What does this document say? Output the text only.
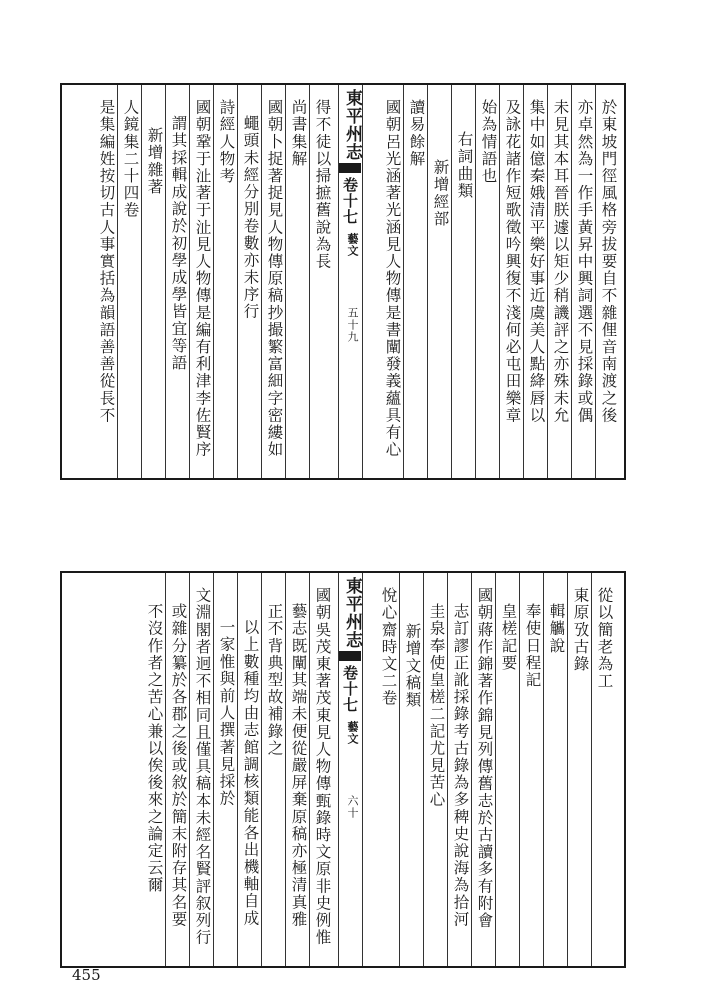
東平州志
卷十七
藝文
五十九	於東坡門徑風格旁拔要自不雜俚音南渡之後
亦卓然為一作手黃昇中興詞選不見採錄或偶
未見其本耳晉朕遽以矩少稍譏評之亦殊未允
集中如億秦娥清平樂好事近虞美人點絳唇以
及詠花諸作短歌徵吟興復不淺何必屯田樂章
始為情語也
右詞曲類
新增經部
讀易餘解
國朝呂光涵著光涵見人物傳是書闡發義蘊具有心
得不徒以掃摭舊說為長
尚書集解
國朝卜捉著捉見人物傳原稿抄撮繁富細字密縷如
蠅頭未經分別卷數亦未序行
詩經人物考
國朝鞏于沚著于沚見人物傳是編有利津李佐賢序
謂其採輯成說於初學成學皆宜等語
新增雜著
人鏡集二十四卷
是集編姓按切古人事實括為韻語善善從長不
東平州志
卷十七
藝文
六十
從以簡老為工
東原攷古錄
輯觿說
奉使日程記
皇槎記要
國朝蔣作錦著作錦見列傳舊志於古讀多有附會
志訂謬正訛採錄考古錄為多稗史說海為拾河
圭泉奉使皇槎二記尤見苦心
新增文稿類
悅心齋時文二卷
國朝吳茂東著茂東見人物傳甄錄時文原非史例惟
藝志既闡其端未便從嚴屏棄原稿亦極清真雅
正不背典型故補錄之
以上數種均由志館調核類能各出機軸自成
一家惟與前人撰著見採於
文淵閣者迥不相同且僅具稿本未經名賢評叙列行
或雜分纂於各郡之後或敘於簡末附存其名要
不沒作者之苦心兼以俟後來之論定云爾
455
